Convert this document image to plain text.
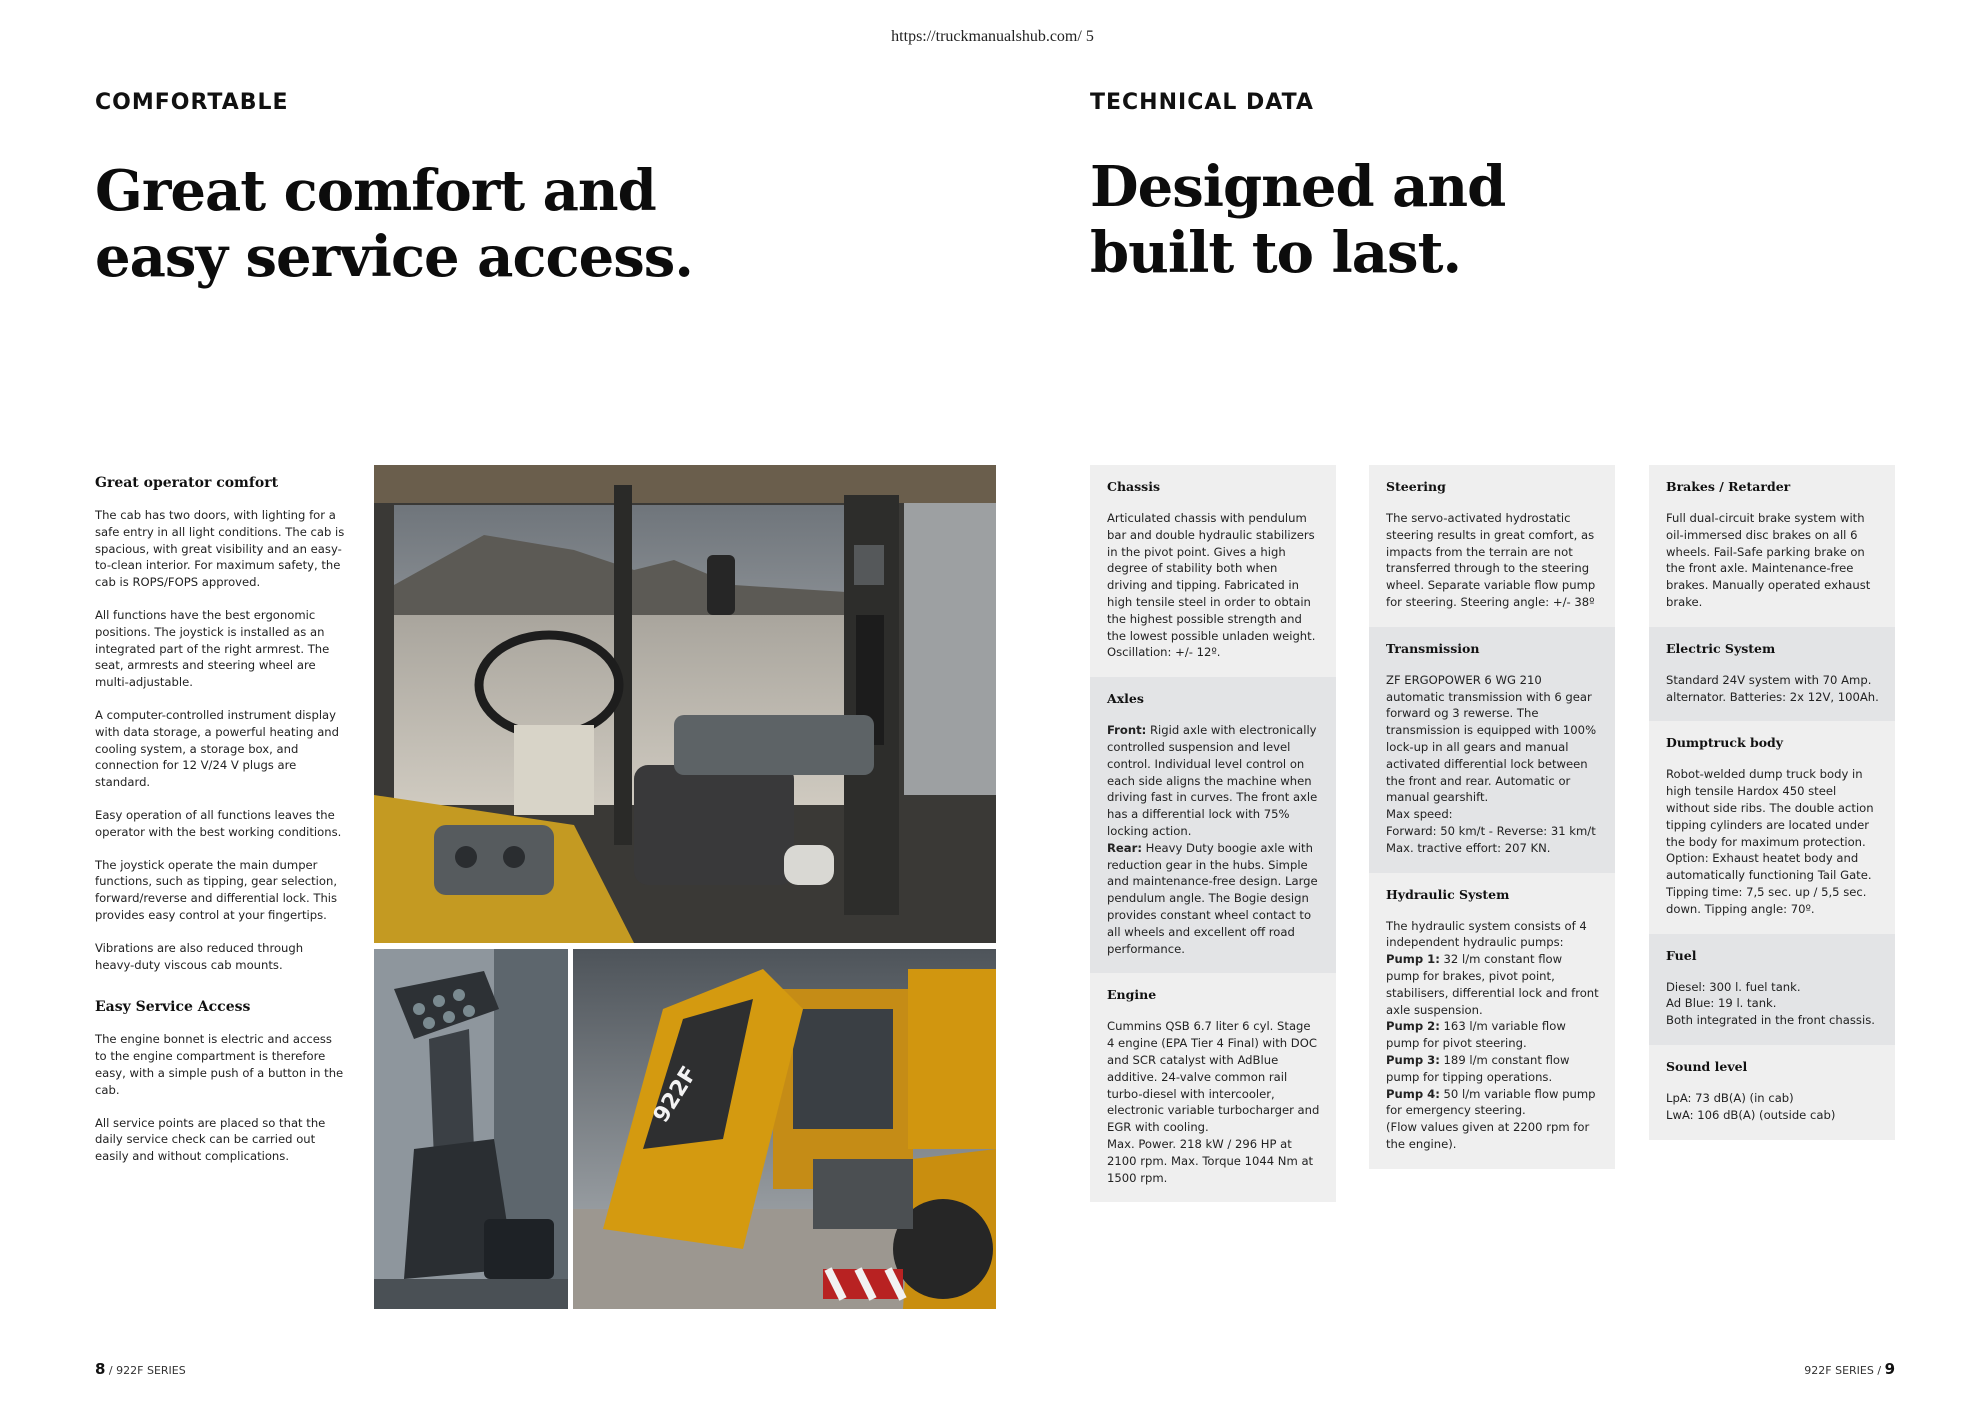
https://truckmanualshub.com/ 5
COMFORTABLE
Great comfort and
easy service access.
Great operator comfort

The cab has two doors, with lighting for a safe entry in all light conditions. The cab is spacious, with great visibility and an easy-to-clean interior. For maximum safety, the cab is ROPS/FOPS approved.

All functions have the best ergonomic positions. The joystick is installed as an integrated part of the right armrest. The seat, armrests and steering wheel are multi-adjustable.

A computer-controlled instrument display with data storage, a powerful heating and cooling system, a storage box, and connection for 12 V/24 V plugs are standard.

Easy operation of all functions leaves the operator with the best working conditions.

The joystick operate the main dumper functions, such as tipping, gear selection, forward/reverse and differential lock. This provides easy control at your fingertips.

Vibrations are also reduced through heavy-duty viscous cab mounts.

Easy Service Access

The engine bonnet is electric and access to the engine compartment is therefore easy, with a simple push of a button in the cab.

All service points are placed so that the daily service check can be carried out easily and without complications.

922F
TECHNICAL DATA
Designed and
built to last.
Chassis
Articulated chassis with pendulum bar and double hydraulic stabilizers in the pivot point. Gives a high degree of stability both when driving and tipping. Fabricated in high tensile steel in order to obtain the highest possible strength and the lowest possible unladen weight. Oscillation: +/- 12º.
Axles
Front: Rigid axle with electronically controlled suspension and level control. Individual level control on each side aligns the machine when driving fast in curves. The front axle has a differential lock with 75% locking action.
Rear: Heavy Duty boogie axle with reduction gear in the hubs. Simple and maintenance-free design. Large pendulum angle. The Bogie design provides constant wheel contact to all wheels and excellent off road performance.
Engine
Cummins QSB 6.7 liter 6 cyl. Stage 4 engine (EPA Tier 4 Final) with DOC and SCR catalyst with AdBlue additive. 24-valve common rail turbo-diesel with intercooler, electronic variable turbocharger and EGR with cooling.
Max. Power. 218 kW / 296 HP at 2100 rpm. Max. Torque 1044 Nm at 1500 rpm.
Steering
The servo-activated hydrostatic steering results in great comfort, as impacts from the terrain are not transferred through to the steering wheel. Separate variable flow pump for steering. Steering angle: +/- 38º
Transmission
ZF ERGOPOWER 6 WG 210 automatic transmission with 6 gear forward og 3 rewerse. The transmission is equipped with 100% lock-up in all gears and manual activated differential lock between the front and rear. Automatic or manual gearshift.
Max speed:
Forward: 50 km/t - Reverse: 31 km/t
Max. tractive effort: 207 KN.
Hydraulic System
The hydraulic system consists of 4 independent hydraulic pumps:
Pump 1: 32 l/m constant flow pump for brakes, pivot point, stabilisers, differential lock and front axle suspension.
Pump 2: 163 l/m variable flow pump for pivot steering.
Pump 3: 189 l/m constant flow pump for tipping operations.
Pump 4: 50 l/m variable flow pump for emergency steering.
(Flow values given at 2200 rpm for the engine).
Brakes / Retarder
Full dual-circuit brake system with oil-immersed disc brakes on all 6 wheels. Fail-Safe parking brake on the front axle. Maintenance-free brakes. Manually operated exhaust brake.
Electric System
Standard 24V system with 70 Amp. alternator. Batteries: 2x 12V, 100Ah.
Dumptruck body
Robot-welded dump truck body in high tensile Hardox 450 steel without side ribs. The double action tipping cylinders are located under the body for maximum protection. Option: Exhaust heatet body and automatically functioning Tail Gate. Tipping time: 7,5 sec. up / 5,5 sec. down. Tipping angle: 70º.
Fuel
Diesel: 300 l. fuel tank.
Ad Blue: 19 l. tank.
Both integrated in the front chassis.
Sound level
LpA: 73 dB(A) (in cab)
LwA: 106 dB(A) (outside cab)
8 / 922F SERIES	922F SERIES / 9
